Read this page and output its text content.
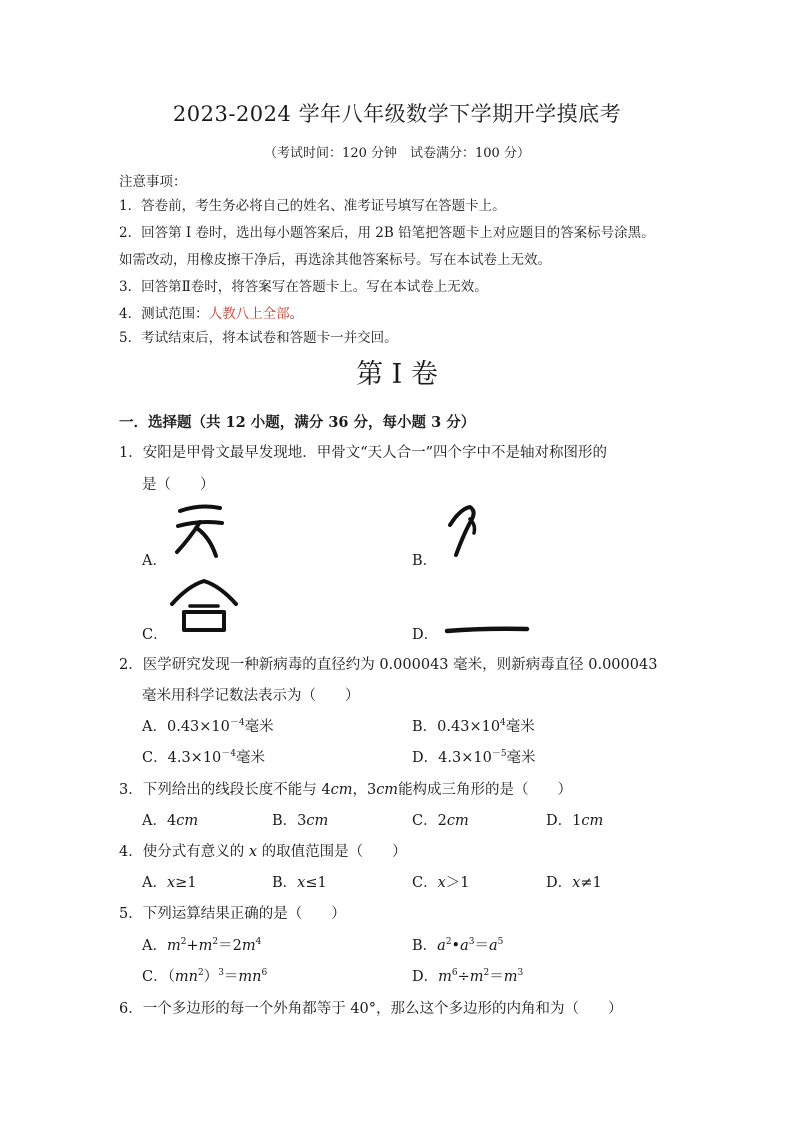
2023-2024 学年八年级数学下学期开学摸底考
（考试时间：120 分钟　试卷满分：100 分）
注意事项：
1．答卷前，考生务必将自己的姓名、准考证号填写在答题卡上。
2．回答第 I 卷时，选出每小题答案后，用 2B 铅笔把答题卡上对应题目的答案标号涂黑。
如需改动，用橡皮擦干净后，再选涂其他答案标号。写在本试卷上无效。
3．回答第Ⅱ卷时，将答案写在答题卡上。写在本试卷上无效。
4．测试范围：人教八上全部。
5．考试结束后，将本试卷和答题卡一并交回。
第 I 卷
一．选择题（共 12 小题，满分 36 分，每小题 3 分）
1．安阳是甲骨文最早发现地．甲骨文“天人合一”四个字中不是轴对称图形的
是（　　）
A．	B．
C．	D．
2．医学研究发现一种新病毒的直径约为 0.000043 毫米，则新病毒直径 0.000043
毫米用科学记数法表示为（　　）
A．$0.43\times 10^{-4}$毫米	B．$0.43\times 10^4$毫米
C．$4.3\times 10^{-4}$毫米	D．$4.3\times 10^{-5}$毫米
3．下列给出的线段长度不能与 4cm，3cm能构成三角形的是（　　）
A．4cm	B．3cm	C．2cm	D．1cm
4．使分式有意义的 x 的取值范围是（　　）
A．x≥1	B．x≤1	C．x＞1	D．x≠1
5．下列运算结果正确的是（　　）
A．$m^2+m^2=2m^4$	B．$a^2•a^3=a^5$
C．$(mn^2)^3=mn^6$	D．$m^6\div m^2=m^3$
6．一个多边形的每一个外角都等于 40°，那么这个多边形的内角和为（　　）
